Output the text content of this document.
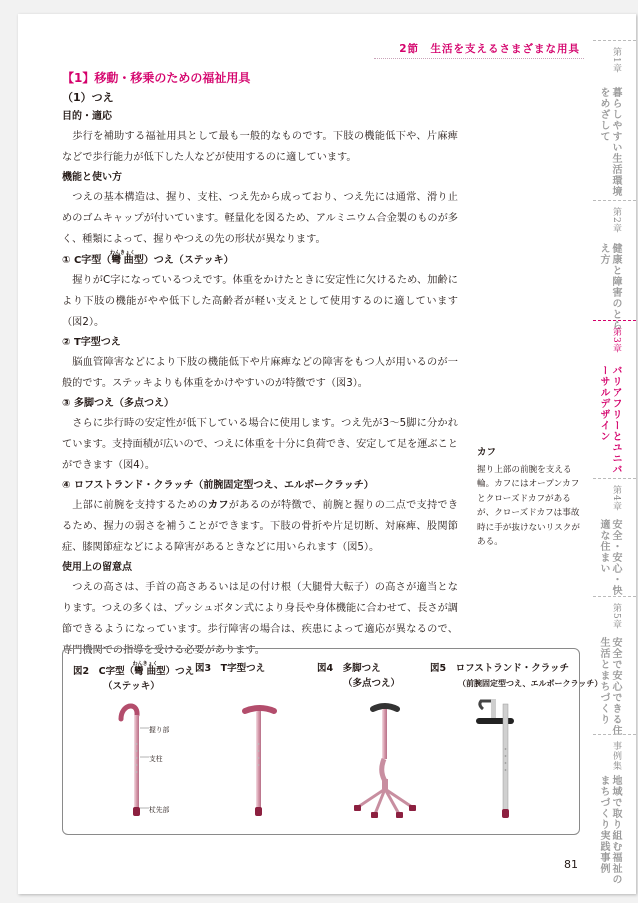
2節　生活を支えるさまざまな用具
【1】移動・移乗のための福祉用具
（1）つえ
目的・適応
歩行を補助する福祉用具として最も一般的なものです。下肢の機能低下や、片麻痺などで歩行能力が低下した人などが使用するのに適しています。
機能と使い方
つえの基本構造は、握り、支柱、つえ先から成っており、つえ先には通常、滑り止めのゴムキャップが付いています。軽量化を図るため、アルミニウム合金製のものが多く、種類によって、握りやつえの先の形状が異なります。
① C字型（彎曲わんきょく型）つえ（ステッキ）
握りがC字になっているつえです。体重をかけたときに安定性に欠けるため、加齢により下肢の機能がやや低下した高齢者が軽い支えとして使用するのに適しています（図2）。
② T字型つえ
脳血管障害などにより下肢の機能低下や片麻痺などの障害をもつ人が用いるのが一般的です。ステッキよりも体重をかけやすいのが特徴です（図3）。
③ 多脚つえ（多点つえ）
さらに歩行時の安定性が低下している場合に使用します。つえ先が3～5脚に分かれています。支持面積が広いので、つえに体重を十分に負荷でき、安定して足を運ぶことができます（図4）。
④ ロフストランド・クラッチ（前腕固定型つえ、エルボークラッチ）
上部に前腕を支持するためのカフがあるのが特徴で、前腕と握りの二点で支持できるため、握力の弱さを補うことができます。下肢の骨折や片足切断、対麻痺、股関節症、膝関節症などによる障害があるときなどに用いられます（図5）。
使用上の留意点
つえの高さは、手首の高さあるいは足の付け根（大腿骨大転子）の高さが適当となります。つえの多くは、プッシュボタン式により身長や身体機能に合わせて、長さが調節できるようになっています。歩行障害の場合は、疾患によって適応が異なるので、専門機関での指導を受ける必要があります。
カフ
握り上部の前腕を支える輪。カフにはオープンカフとクローズドカフがあるが、クローズドカフは事故時に手が抜けないリスクがある。
図2　C字型（彎曲わんきょく型）つえ
（ステッキ）
図3　T字型つえ	図4　多脚つえ
（多点つえ）
図5　ロフストランド・クラッチ
（前腕固定型つえ、エルボークラッチ）
握り部
支柱
杖先部
81
第1章
暮らしやすい生活環境をめざして
第2章
健康と障害のとらえ方
第3章
バリアフリーとユニバーサルデザイン
第4章
安全・安心・快適な住まい
第5章
安全で安心できる住生活とまちづくり
事例集
地域で取り組む福祉のまちづくり実践事例
